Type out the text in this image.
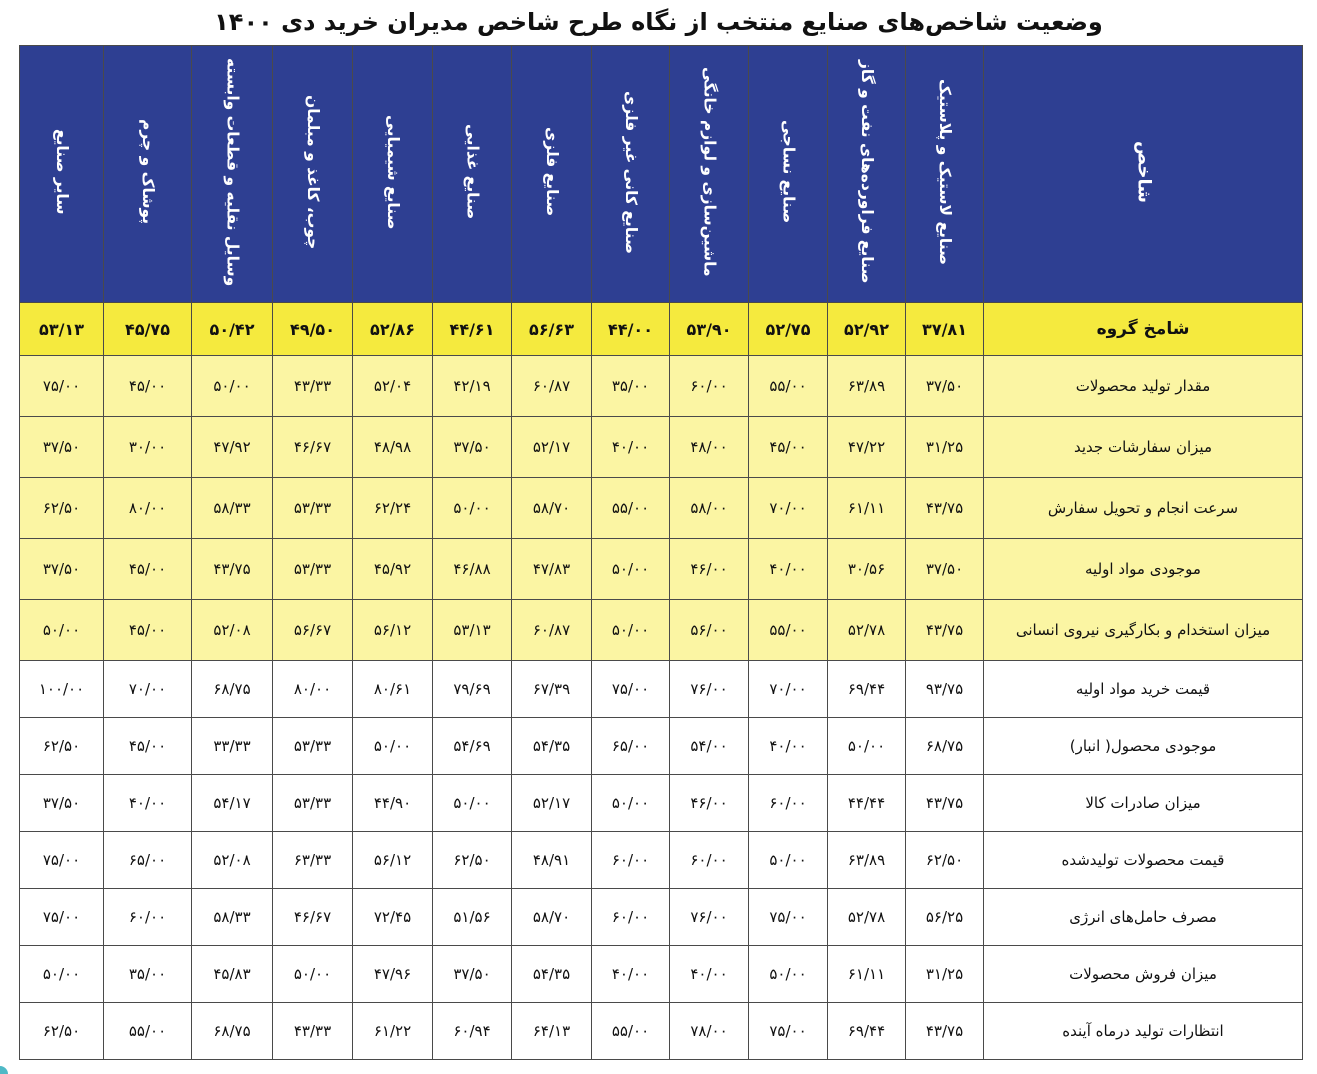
وضعیت شاخص‌های صنایع منتخب از نگاه طرح شاخص مدیران خرید دی ۱۴۰۰
شاخص	صنایع لاستیک و پلاستیک	صنایع فراورده‌های نفت و گاز	صنایع نساجی	ماشین‌سازی و لوازم خانگی	صنایع کانی غیر فلزی	صنایع فلزی	صنایع غذایی	صنایع شیمیایی	چوب، کاغذ و مبلمان	وسایل نقلیه و قطعات وابسته	پوشاک و چرم	سایر صنایع
شامخ گروه	۳۷/۸۱	۵۲/۹۲	۵۲/۷۵	۵۳/۹۰	۴۴/۰۰	۵۶/۶۳	۴۴/۶۱	۵۲/۸۶	۴۹/۵۰	۵۰/۴۲	۴۵/۷۵	۵۳/۱۳
مقدار تولید محصولات	۳۷/۵۰	۶۳/۸۹	۵۵/۰۰	۶۰/۰۰	۳۵/۰۰	۶۰/۸۷	۴۲/۱۹	۵۲/۰۴	۴۳/۳۳	۵۰/۰۰	۴۵/۰۰	۷۵/۰۰
میزان سفارشات جدید	۳۱/۲۵	۴۷/۲۲	۴۵/۰۰	۴۸/۰۰	۴۰/۰۰	۵۲/۱۷	۳۷/۵۰	۴۸/۹۸	۴۶/۶۷	۴۷/۹۲	۳۰/۰۰	۳۷/۵۰
سرعت انجام و تحویل سفارش	۴۳/۷۵	۶۱/۱۱	۷۰/۰۰	۵۸/۰۰	۵۵/۰۰	۵۸/۷۰	۵۰/۰۰	۶۲/۲۴	۵۳/۳۳	۵۸/۳۳	۸۰/۰۰	۶۲/۵۰
موجودی مواد اولیه	۳۷/۵۰	۳۰/۵۶	۴۰/۰۰	۴۶/۰۰	۵۰/۰۰	۴۷/۸۳	۴۶/۸۸	۴۵/۹۲	۵۳/۳۳	۴۳/۷۵	۴۵/۰۰	۳۷/۵۰
میزان استخدام و بکارگیری نیروی انسانی	۴۳/۷۵	۵۲/۷۸	۵۵/۰۰	۵۶/۰۰	۵۰/۰۰	۶۰/۸۷	۵۳/۱۳	۵۶/۱۲	۵۶/۶۷	۵۲/۰۸	۴۵/۰۰	۵۰/۰۰
قیمت خرید مواد اولیه	۹۳/۷۵	۶۹/۴۴	۷۰/۰۰	۷۶/۰۰	۷۵/۰۰	۶۷/۳۹	۷۹/۶۹	۸۰/۶۱	۸۰/۰۰	۶۸/۷۵	۷۰/۰۰	۱۰۰/۰۰
موجودی محصول( انبار)	۶۸/۷۵	۵۰/۰۰	۴۰/۰۰	۵۴/۰۰	۶۵/۰۰	۵۴/۳۵	۵۴/۶۹	۵۰/۰۰	۵۳/۳۳	۳۳/۳۳	۴۵/۰۰	۶۲/۵۰
میزان صادرات کالا	۴۳/۷۵	۴۴/۴۴	۶۰/۰۰	۴۶/۰۰	۵۰/۰۰	۵۲/۱۷	۵۰/۰۰	۴۴/۹۰	۵۳/۳۳	۵۴/۱۷	۴۰/۰۰	۳۷/۵۰
قیمت محصولات تولیدشده	۶۲/۵۰	۶۳/۸۹	۵۰/۰۰	۶۰/۰۰	۶۰/۰۰	۴۸/۹۱	۶۲/۵۰	۵۶/۱۲	۶۳/۳۳	۵۲/۰۸	۶۵/۰۰	۷۵/۰۰
مصرف حامل‌های انرژی	۵۶/۲۵	۵۲/۷۸	۷۵/۰۰	۷۶/۰۰	۶۰/۰۰	۵۸/۷۰	۵۱/۵۶	۷۲/۴۵	۴۶/۶۷	۵۸/۳۳	۶۰/۰۰	۷۵/۰۰
میزان فروش محصولات	۳۱/۲۵	۶۱/۱۱	۵۰/۰۰	۴۰/۰۰	۴۰/۰۰	۵۴/۳۵	۳۷/۵۰	۴۷/۹۶	۵۰/۰۰	۴۵/۸۳	۳۵/۰۰	۵۰/۰۰
انتظارات تولید درماه آینده	۴۳/۷۵	۶۹/۴۴	۷۵/۰۰	۷۸/۰۰	۵۵/۰۰	۶۴/۱۳	۶۰/۹۴	۶۱/۲۲	۴۳/۳۳	۶۸/۷۵	۵۵/۰۰	۶۲/۵۰
